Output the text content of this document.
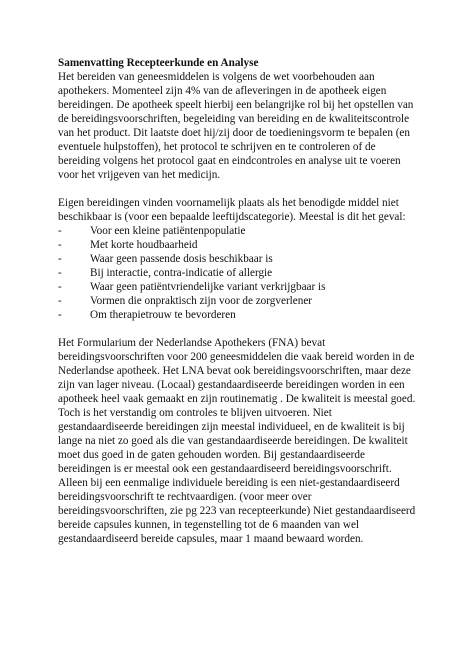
Samenvatting Recepteerkunde en Analyse

Het bereiden van geneesmiddelen is volgens de wet voorbehouden aan apothekers. Momenteel zijn 4% van de afleveringen in de apotheek eigen bereidingen. De apotheek speelt hierbij een belangrijke rol bij het opstellen van de bereidingsvoorschriften, begeleiding van bereiding en de kwaliteitscontrole van het product. Dit laatste doet hij/zij door de toedieningsvorm te bepalen (en eventuele hulpstoffen), het protocol te schrijven en te controleren of de bereiding volgens het protocol gaat en eindcontroles en analyse uit te voeren voor het vrijgeven van het medicijn.

Eigen bereidingen vinden voornamelijk plaats als het benodigde middel niet beschikbaar is (voor een bepaalde leeftijdscategorie). Meestal is dit het geval:

-	Voor een kleine patiëntenpopulatie
-	Met korte houdbaarheid
-	Waar geen passende dosis beschikbaar is
-	Bij interactie, contra-indicatie of allergie
-	Waar geen patiëntvriendelijke variant verkrijgbaar is
-	Vormen die onpraktisch zijn voor de zorgverlener
-	Om therapietrouw te bevorderen

Het Formularium der Nederlandse Apothekers (FNA) bevat bereidingsvoorschriften voor 200 geneesmiddelen die vaak bereid worden in de Nederlandse apotheek. Het LNA bevat ook bereidingsvoorschriften, maar deze zijn van lager niveau. (Locaal) gestandaardiseerde bereidingen worden in een apotheek heel vaak gemaakt en zijn routinematig . De kwaliteit is meestal goed. Toch is het verstandig om controles te blijven uitvoeren. Niet gestandaardiseerde bereidingen zijn meestal individueel, en de kwaliteit is bij lange na niet zo goed als die van gestandaardiseerde bereidingen. De kwaliteit moet dus goed in de gaten gehouden worden. Bij gestandaardiseerde bereidingen is er meestal ook een gestandaardiseerd bereidingsvoorschrift. Alleen bij een eenmalige individuele bereiding is een niet-gestandaardiseerd bereidingsvoorschrift te rechtvaardigen. (voor meer over bereidingsvoorschriften, zie pg 223 van recepteerkunde) Niet gestandaardiseerd bereide capsules kunnen, in tegenstelling tot de 6 maanden van wel gestandaardiseerd bereide capsules, maar 1 maand bewaard worden.
